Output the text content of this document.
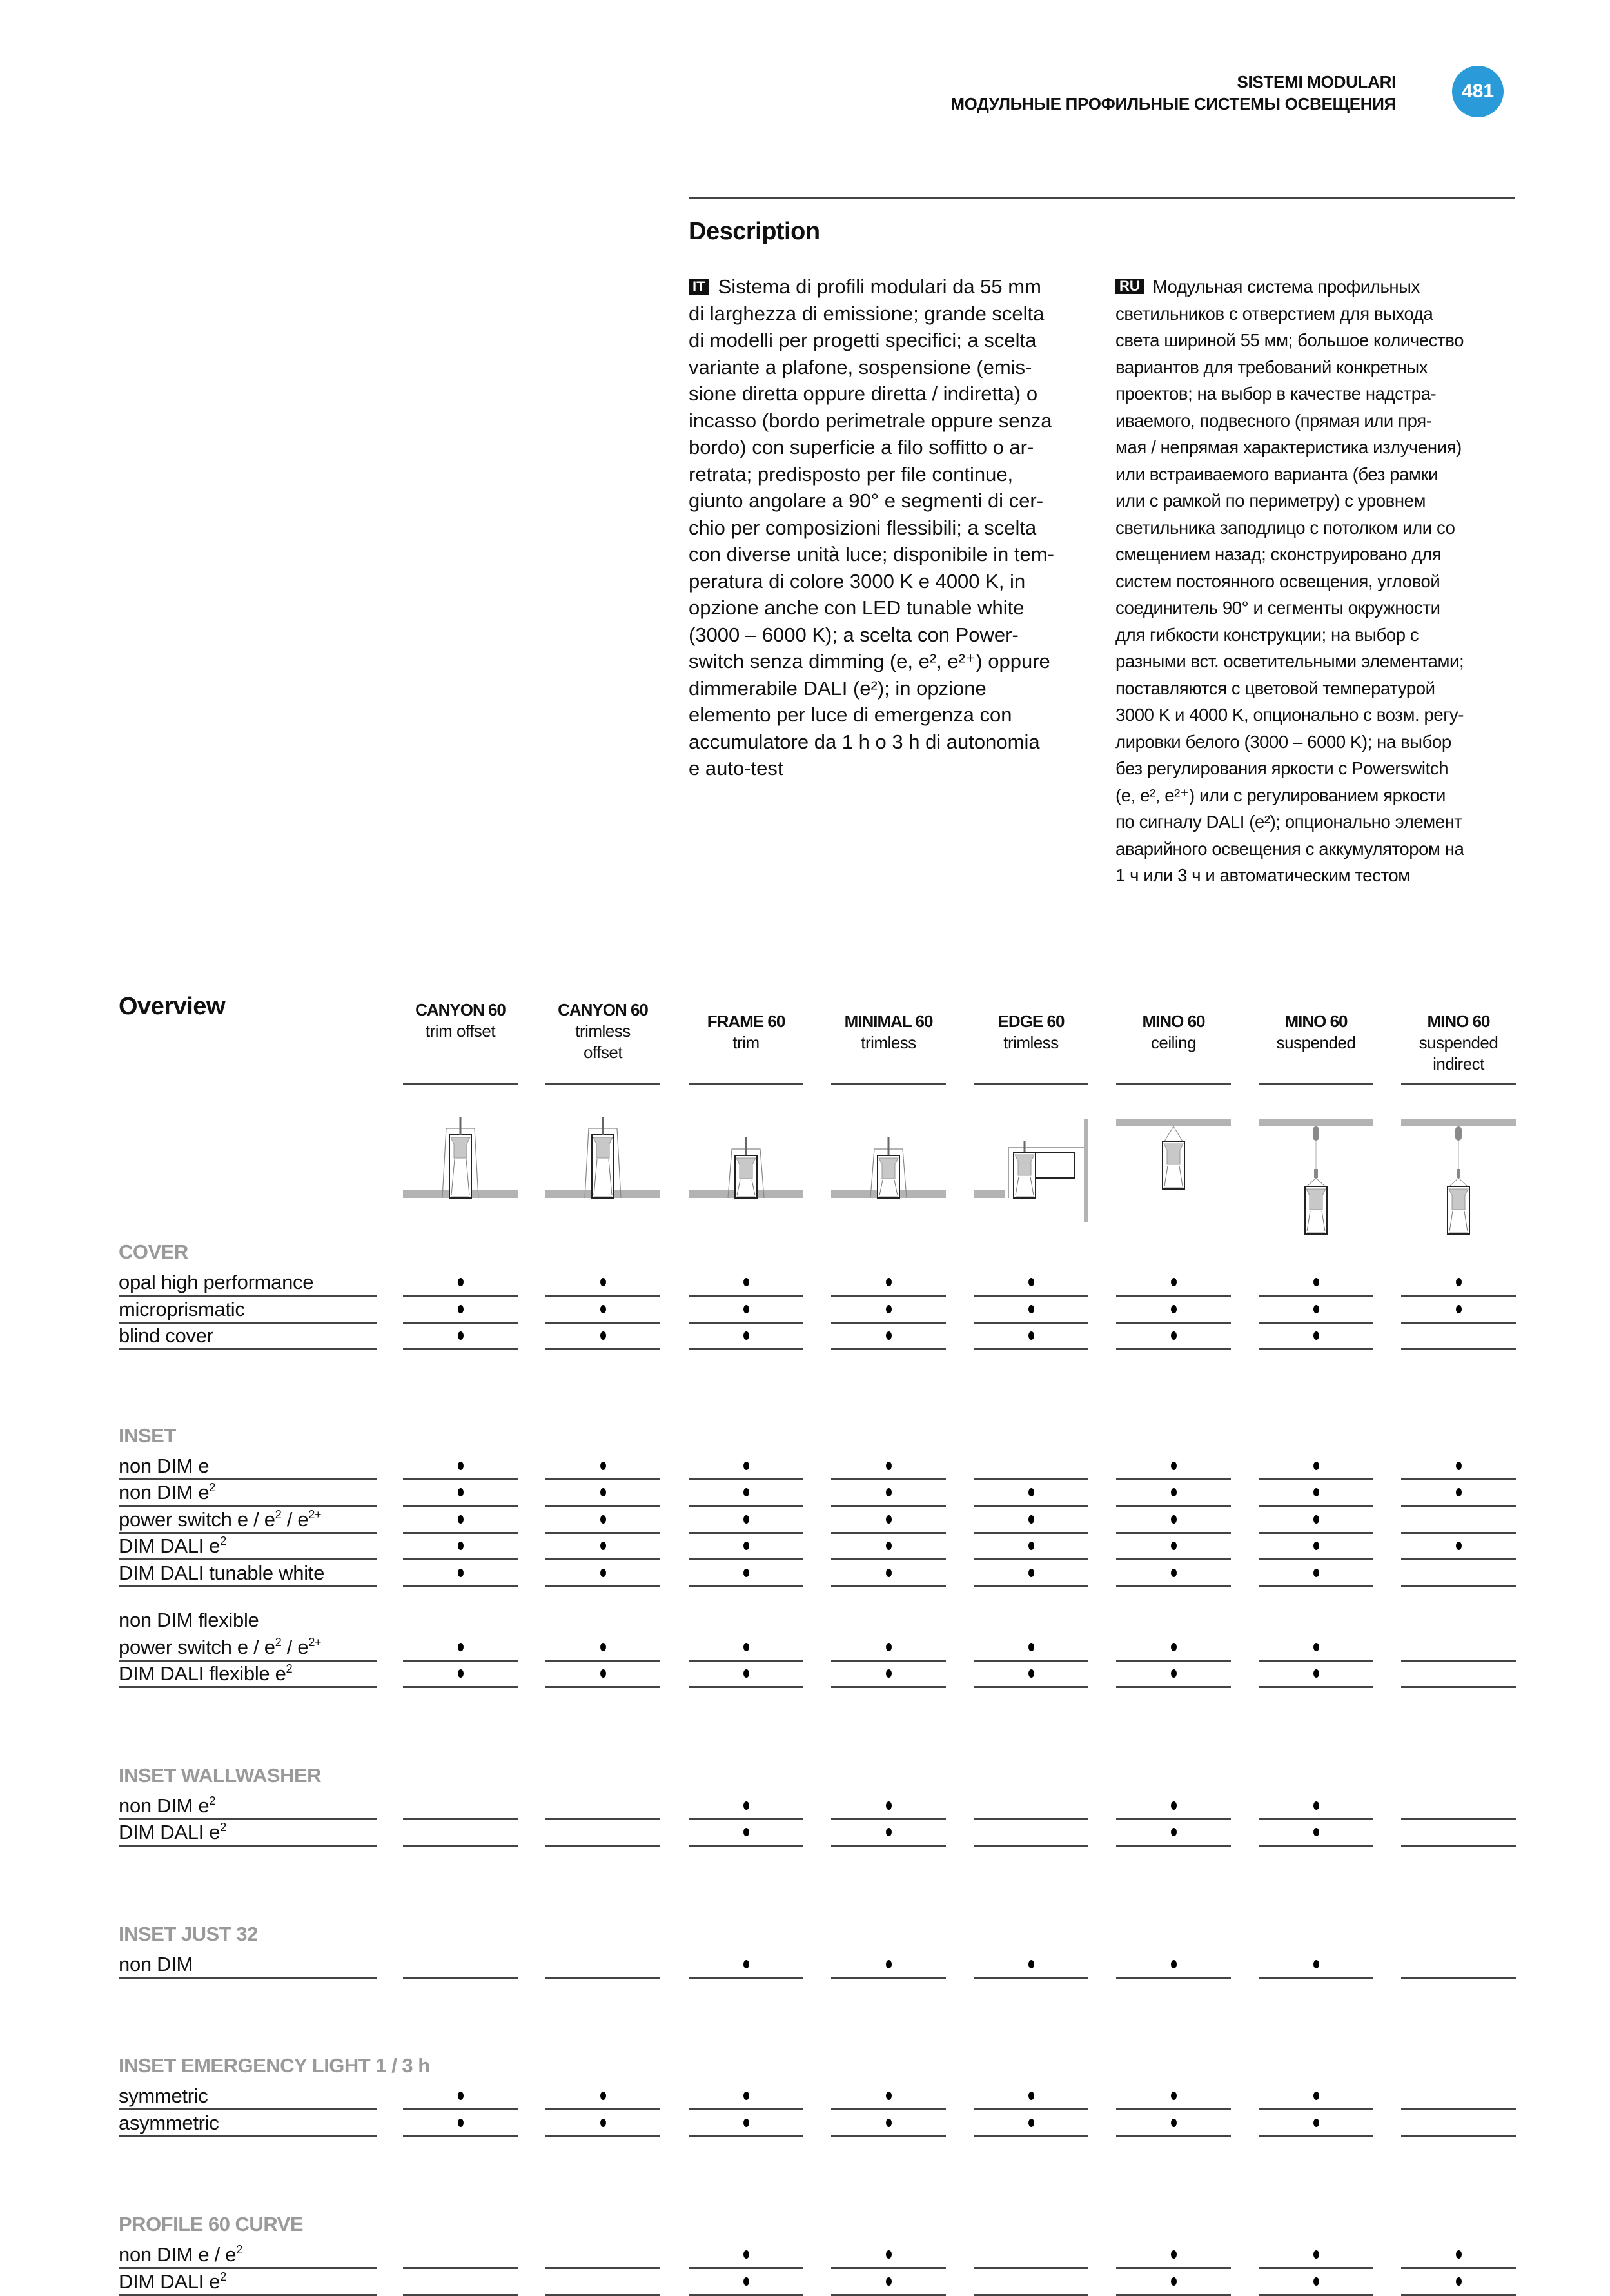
SISTEMI MODULARI
МОДУЛЬНЫЕ ПРОФИЛЬНЫЕ СИСТЕМЫ ОСВЕЩЕНИЯ
481
Description
IT Sistema di profili modulari da 55 mm
di larghezza di emissione; grande scelta
di modelli per progetti specifici; a scelta
variante a plafone, sospensione (emis-
sione diretta oppure diretta / indiretta) o
incasso (bordo perimetrale oppure senza
bordo) con superficie a filo soffitto o ar-
retrata; predisposto per file continue,
giunto angolare a 90° e segmenti di cer-
chio per composizioni flessibili; a scelta
con diverse unità luce; disponibile in tem-
peratura di colore 3000 K e 4000 K, in
opzione anche con LED tunable white
(3000 – 6000 K); a scelta con Power-
switch senza dimming (e, e², e²⁺) oppure
dimmerabile DALI (e²); in opzione
elemento per luce di emergenza con
accumulatore da 1 h o 3 h di autonomia
e auto-test
RU Модульная система профильных
светильников с отверстием для выхода
света шириной 55 мм; большое количество
вариантов для требований конкретных
проектов; на выбор в качестве надстра-
иваемого, подвесного (прямая или пря-
мая / непрямая характеристика излучения)
или встраиваемого варианта (без рамки
или с рамкой по периметру) с уровнем
светильника заподлицо с потолком или со
смещением назад; сконструировано для
систем постоянного освещения, угловой
соединитель 90° и сегменты окружности
для гибкости конструкции; на выбор с
разными вст. осветительными элементами;
поставляются с цветовой температурой
3000 K и 4000 K, опционально с возм. регу-
лировки белого (3000 – 6000 K); на выбор
без регулирования яркости с Powerswitch
(e, e², e²⁺) или с регулированием яркости
по сигналу DALI (e²); опционально элемент
аварийного освещения с аккумулятором на
1 ч или 3 ч и автоматическим тестом
Overview	CANYON 60
trim offset
CANYON 60
trimless
offset
FRAME 60
trim
MINIMAL 60
trimless
EDGE 60
trimless
MINO 60
ceiling
MINO 60
suspended
MINO 60
suspended
indirect
COVER
opal high performance
microprismatic
blind cover
INSET
non DIM e
non DIM $e^2$
power switch e / $e^2 / e^{2+}$
DIM DALI $e^2$
DIM DALI tunable white
non DIM flexible
power switch e / $e^2 / e^{2+}$
DIM DALI flexible $e^2$
INSET WALLWASHER
non DIM $e^2$
DIM DALI $e^2$
INSET JUST 32
non DIM
INSET EMERGENCY LIGHT 1 / 3 h
symmetric
asymmetric
PROFILE 60 CURVE
non DIM e / $e^2$
DIM DALI $e^2$
